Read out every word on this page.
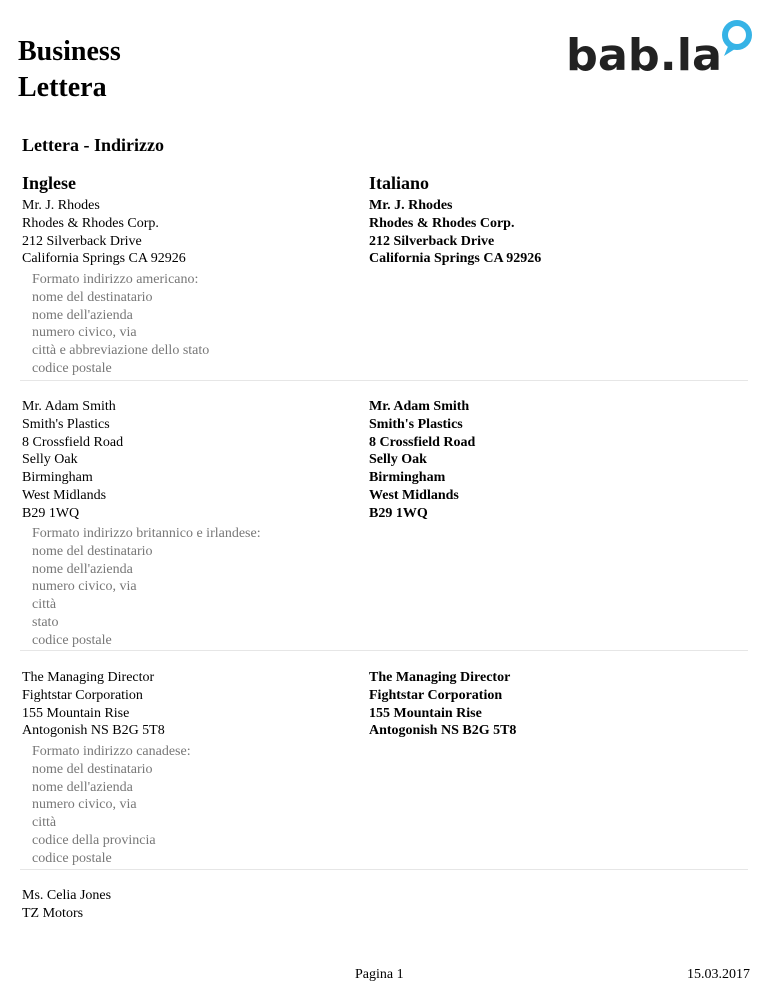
Business
Lettera
bab.la
Lettera - Indirizzo
Inglese	Italiano
Mr. J. Rhodes
Rhodes & Rhodes Corp.
212 Silverback Drive
California Springs CA 92926
Mr. J. Rhodes
Rhodes & Rhodes Corp.
212 Silverback Drive
California Springs CA 92926
Formato indirizzo americano:
nome del destinatario
nome dell'azienda
numero civico, via
città e abbreviazione dello stato
codice postale
Mr. Adam Smith
Smith's Plastics
8 Crossfield Road
Selly Oak
Birmingham
West Midlands
B29 1WQ
Mr. Adam Smith
Smith's Plastics
8 Crossfield Road
Selly Oak
Birmingham
West Midlands
B29 1WQ
Formato indirizzo britannico e irlandese:
nome del destinatario
nome dell'azienda
numero civico, via
città
stato
codice postale
The Managing Director
Fightstar Corporation
155 Mountain Rise
Antogonish NS B2G 5T8
The Managing Director
Fightstar Corporation
155 Mountain Rise
Antogonish NS B2G 5T8
Formato indirizzo canadese:
nome del destinatario
nome dell'azienda
numero civico, via
città
codice della provincia
codice postale
Ms. Celia Jones
TZ Motors
Pagina 1	15.03.2017
